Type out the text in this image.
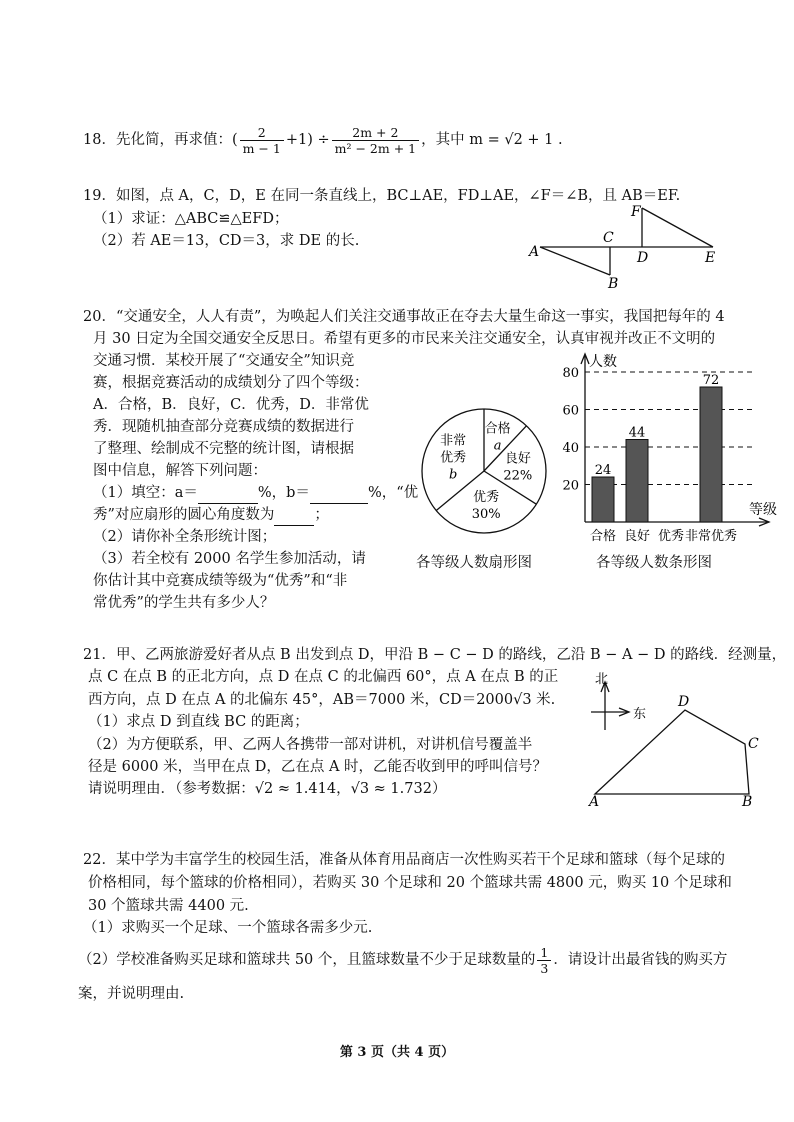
18．先化简，再求值：( $\frac{2}{m - 1} +1) \div \frac{2m + 2}{\text{m² − 2m + 1}}$ ，其中 m = √2 + 1 .
19．如图，点 A，C，D，E 在同一条直线上，BC⊥AE，FD⊥AE，∠F＝∠B，且 AB＝EF.
（1）求证：△ABC≌△EFD；
（2）若 AE＝13，CD＝3，求 DE 的长.
A
C
B
F
D	E
20．“交通安全，人人有责”，为唤起人们关注交通事故正在夺去大量生命这一事实，我国把每年的 4
月 30 日定为全国交通安全反思日。希望有更多的市民来关注交通安全，认真审视并改正不文明的
交通习惯．某校开展了“交通安全”知识竞
赛，根据竞赛活动的成绩划分了四个等级：
A．合格，B．良好，C．优秀，D．非常优
秀．现随机抽查部分竞赛成绩的数据进行
了整理、绘制成不完整的统计图，请根据
图中信息，解答下列问题：
（1）填空：a＝	%，b＝	%，“优
秀”对应扇形的圆心角度数为	；
（2）请你补全条形统计图；
（3）若全校有 2000 名学生参加活动，请
你估计其中竞赛成绩等级为“优秀”和“非
常优秀”的学生共有多少人？
合格
a
良好
22%
优秀
30%
非常
优秀
b
各等级人数扇形图
20
40
60
80
人数
等级
24
合格
44
良好 优秀
72
非常优秀
各等级人数条形图
21．甲、乙两旅游爱好者从点 B 出发到点 D，甲沿 B − C − D 的路线，乙沿 B − A − D 的路线．经测量，
点 C 在点 B 的正北方向，点 D 在点 C 的北偏西 60°，点 A 在点 B 的正
西方向，点 D 在点 A 的北偏东 45°，AB＝7000 米，CD＝2000√3 米.
（1）求点 D 到直线 BC 的距离；
（2）为方便联系，甲、乙两人各携带一部对讲机，对讲机信号覆盖半
径是 6000 米，当甲在点 D，乙在点 A 时，乙能否收到甲的呼叫信号？
请说明理由．（参考数据：√2 ≈ 1.414，√3 ≈ 1.732）
北
东
D
C
A	B
22．某中学为丰富学生的校园生活，准备从体育用品商店一次性购买若干个足球和篮球（每个足球的
价格相同，每个篮球的价格相同），若购买 30 个足球和 20 个篮球共需 4800 元，购买 10 个足球和
30 个篮球共需 4400 元.
（1）求购买一个足球、一个篮球各需多少元.
（2）学校准备购买足球和篮球共 50 个，且篮球数量不少于足球数量的 $\frac{1}{3}$ ．请设计出最省钱的购买方
案，并说明理由.
第 3 页（共 4 页）
